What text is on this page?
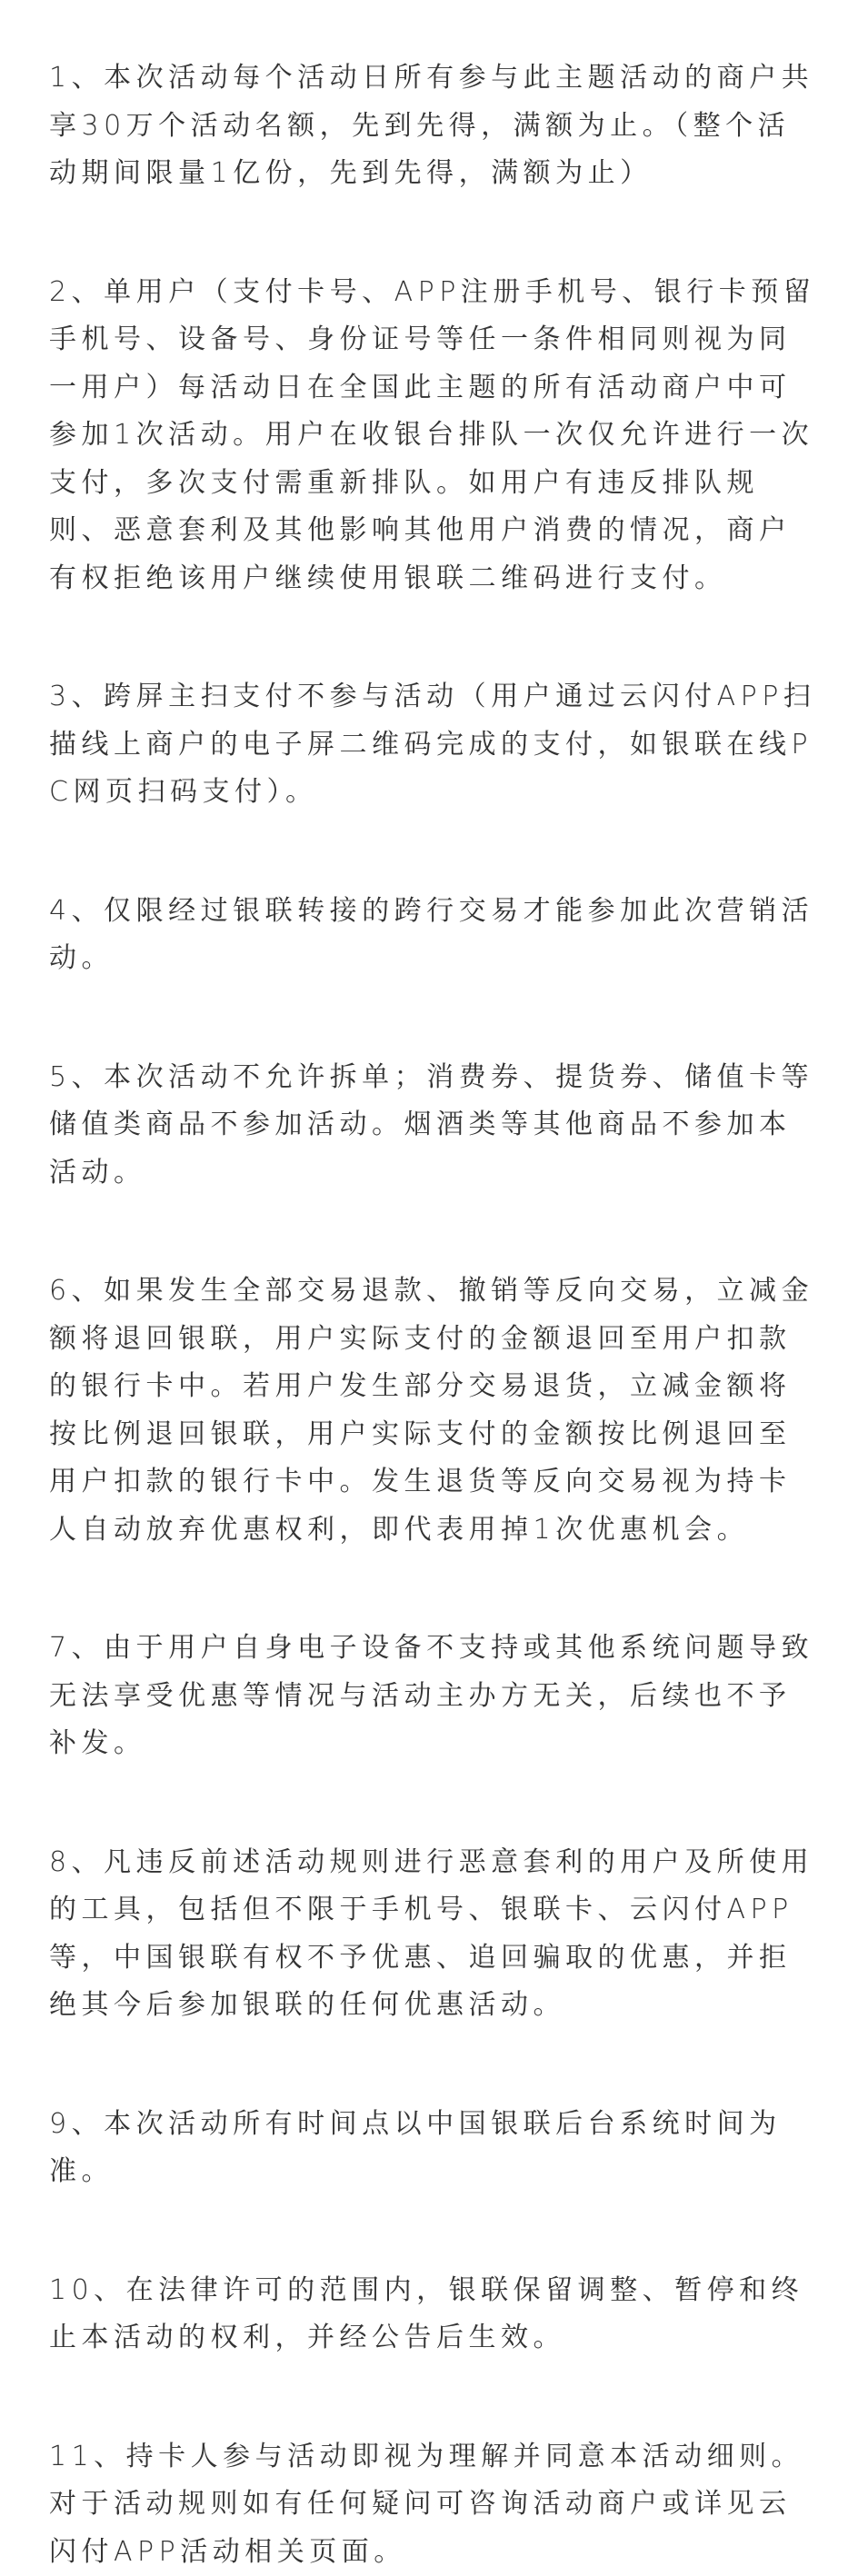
1、本次活动每个活动日所有参与此主题活动的商户共享30万个活动名额，先到先得，满额为止。（整个活动期间限量1亿份，先到先得，满额为止）

2、单用户（支付卡号、APP注册手机号、银行卡预留手机号、设备号、身份证号等任一条件相同则视为同一用户）每活动日在全国此主题的所有活动商户中可参加1次活动。用户在收银台排队一次仅允许进行一次支付，多次支付需重新排队。如用户有违反排队规则、恶意套利及其他影响其他用户消费的情况，商户有权拒绝该用户继续使用银联二维码进行支付。

3、跨屏主扫支付不参与活动（用户通过云闪付APP扫描线上商户的电子屏二维码完成的支付，如银联在线PC网页扫码支付）。

4、仅限经过银联转接的跨行交易才能参加此次营销活动。

5、本次活动不允许拆单；消费券、提货券、储值卡等储值类商品不参加活动。烟酒类等其他商品不参加本活动。

6、如果发生全部交易退款、撤销等反向交易，立减金额将退回银联，用户实际支付的金额退回至用户扣款的银行卡中。若用户发生部分交易退货，立减金额将按比例退回银联，用户实际支付的金额按比例退回至用户扣款的银行卡中。发生退货等反向交易视为持卡人自动放弃优惠权利，即代表用掉1次优惠机会。

7、由于用户自身电子设备不支持或其他系统问题导致无法享受优惠等情况与活动主办方无关，后续也不予补发。

8、凡违反前述活动规则进行恶意套利的用户及所使用的工具，包括但不限于手机号、银联卡、云闪付APP等，中国银联有权不予优惠、追回骗取的优惠，并拒绝其今后参加银联的任何优惠活动。

9、本次活动所有时间点以中国银联后台系统时间为准。

10、在法律许可的范围内，银联保留调整、暂停和终止本活动的权利，并经公告后生效。

11、持卡人参与活动即视为理解并同意本活动细则。对于活动规则如有任何疑问可咨询活动商户或详见云闪付APP活动相关页面。
